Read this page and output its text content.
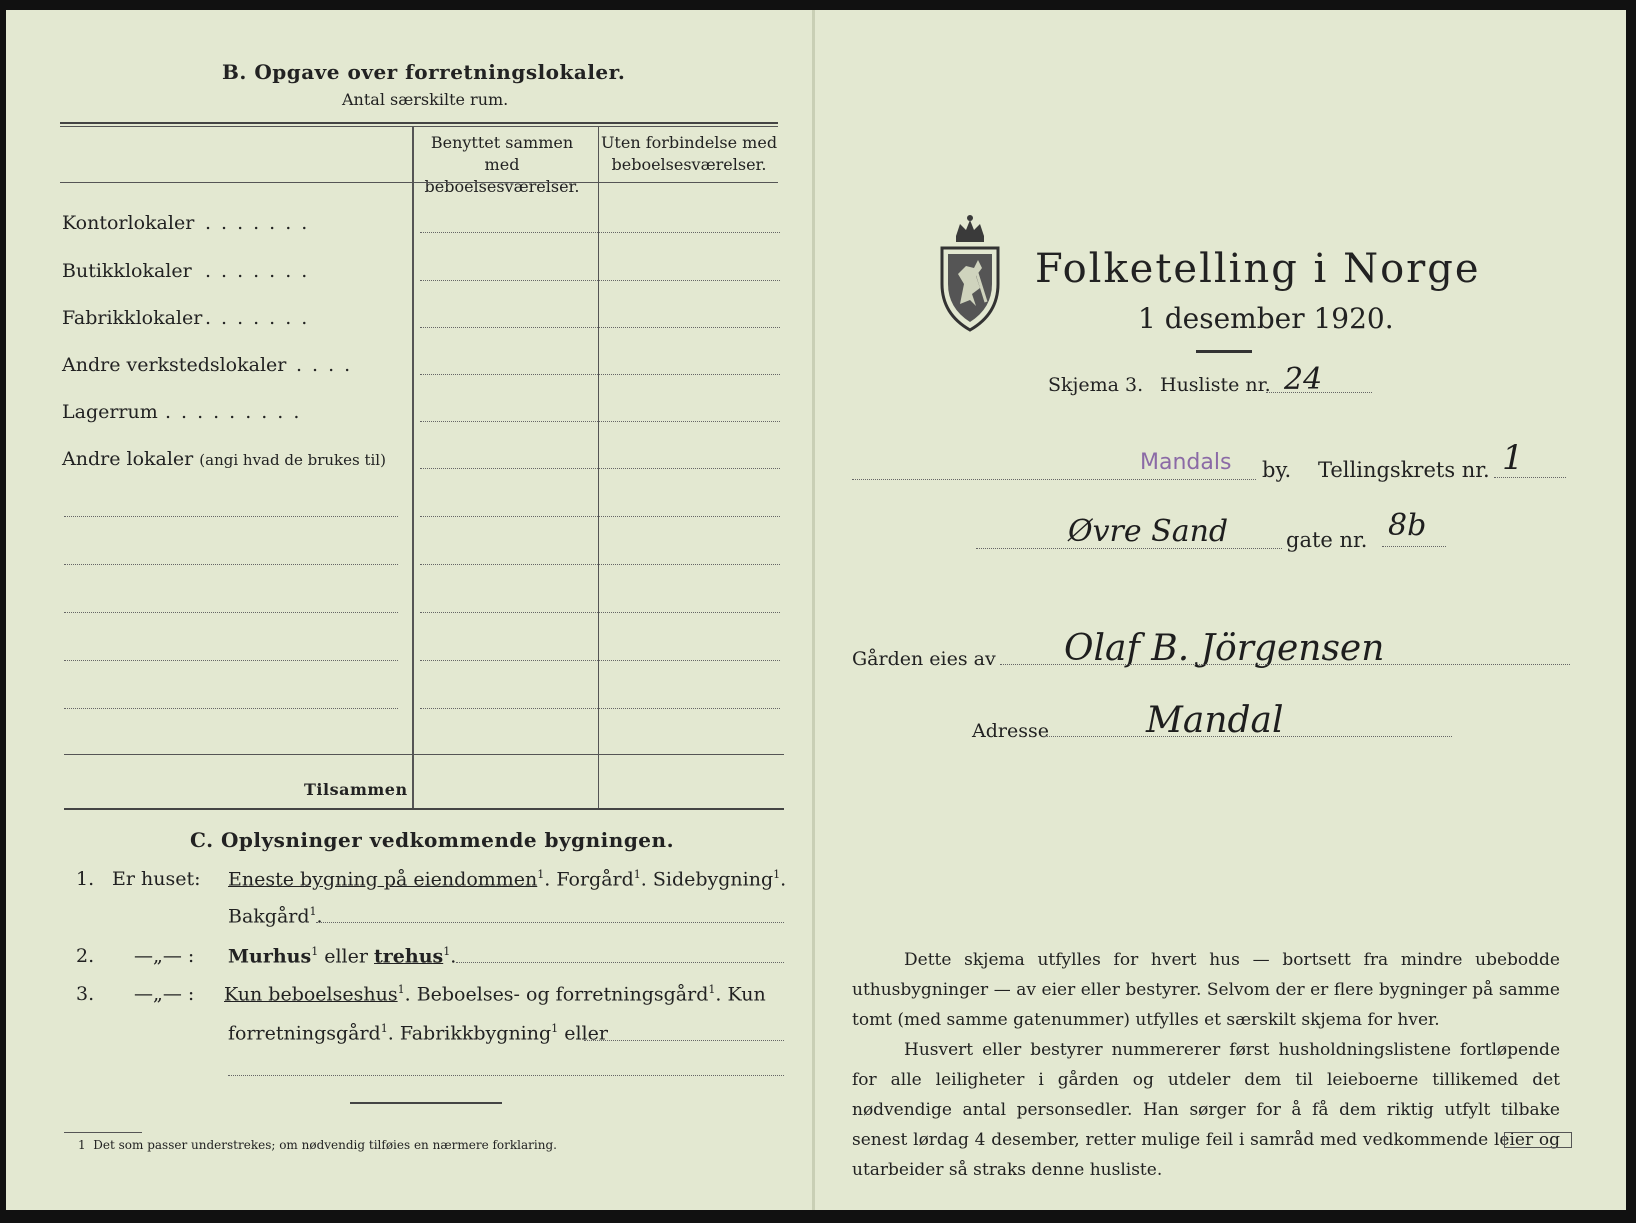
B. Opgave over forretningslokaler.
Antal særskilte rum.
Benyttet sammen med beboelsesværelser.
Uten forbindelse med beboelsesværelser.
Kontorlokaler .......
Butikklokaler .......
Fabrikklokaler .......
Andre verkstedslokaler ....
Lagerrum .........
Andre lokaler (angi hvad de brukes til)
Tilsammen
C. Oplysninger vedkommende bygningen.
1. Er huset: Eneste bygning på eiendommen$^1$. Forgård$^1$. Sidebygning$^1$.
Bakgård$^1$.
2. —„— : Murhus$^1$ eller trehus$^1$.
3. —„— : Kun beboelseshus$^1$. Beboelses- og forretningsgård$^1$. Kun
forretningsgård$^1$. Fabrikkbygning$^1$ eller
1 Det som passer understrekes; om nødvendig tilføies en nærmere forklaring.
Folketelling i Norge
1 desember 1920.
Skjema 3. Husliste nr. 24
Mandals by. Tellingskrets nr. 1
Øvre Sand	gate nr. 8b
Gården eies av Olaf B. Jörgensen
Adresse	Mandal
Dette skjema utfylles for hvert hus — bortsett fra mindre ubebodde uthusbygninger — av eier eller bestyrer. Selvom der er flere bygninger på samme tomt (med samme gatenummer) utfylles et særskilt skjema for hver.
Husvert eller bestyrer nummererer først husholdningslistene fortløpende for alle leiligheter i gården og utdeler dem til leieboerne tillikemed det nødvendige antal personsedler. Han sørger for å få dem riktig utfylt tilbake senest lørdag 4 desember, retter mulige feil i samråd med vedkommende leier og utarbeider så straks denne husliste.
